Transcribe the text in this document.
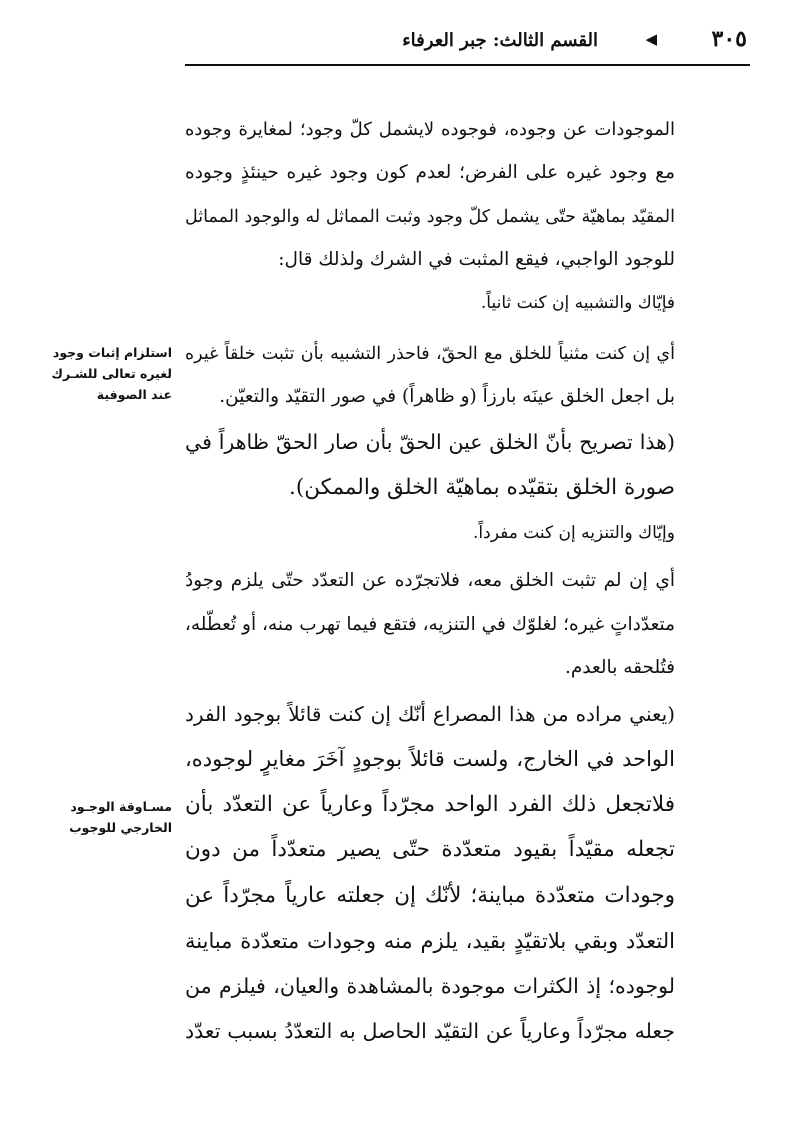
القسم الثالث: جبر العرفاء	◀ ٣٠٥
الموجودات عن وجوده، فوجوده لايشمل كلّ وجود؛ لمغايرة وجوده
مع وجود غيره على الفرض؛ لعدم كون وجود غيره حينئذٍ وجوده
المقيّد بماهيّة حتّى يشمل كلّ وجود وثبت المماثل له والوجود المماثل
للوجود الواجبي، فيقع المثبت في الشرك ولذلك قال:
فإيّاك والتشبيه إن كنت ثانياً.
أي إن كنت مثنياً للخلق مع الحقّ، فاحذر التشبيه بأن تثبت خلقاً غيره
بل اجعل الخلق عينَه بارزاً (و ظاهراً) في صور التقيّد والتعيّن.
(هذا تصريح بأنّ الخلق عين الحقّ بأن صار الحقّ ظاهراً في
صورة الخلق بتقيّده بماهيّة الخلق والممكن).
وإيّاك والتنزيه إن كنت مفرداً.
أي إن لم تثبت الخلق معه، فلاتجرّده عن التعدّد حتّى يلزم وجودُ
متعدّداتٍ غيره؛ لغلوّك في التنزيه، فتقع فيما تهرب منه، أو تُعطّله،
فتُلحقه بالعدم.
(يعني مراده من هذا المصراع أنّك إن كنت قائلاً بوجود الفرد
الواحد في الخارج، ولست قائلاً بوجودٍ آخَرَ مغايرٍ لوجوده،
فلاتجعل ذلك الفرد الواحد مجرّداً وعارياً عن التعدّد بأن
تجعله مقيّداً بقيود متعدّدة حتّى يصير متعدّداً من دون
وجودات متعدّدة مباينة؛ لأنّك إن جعلته عارياً مجرّداً عن
التعدّد وبقي بلاتقيّدٍ بقيد، يلزم منه وجودات متعدّدة مباينة
لوجوده؛ إذ الكثرات موجودة بالمشاهدة والعيان، فيلزم من
جعله مجرّداً وعارياً عن التقيّد الحاصل به التعدّدُ بسبب تعدّد
استلزام إثبات وجود
لغيره تعالى للشـرك
عند الصوفية
مسـاوقة الوجـود
الخارجي للوجوب
